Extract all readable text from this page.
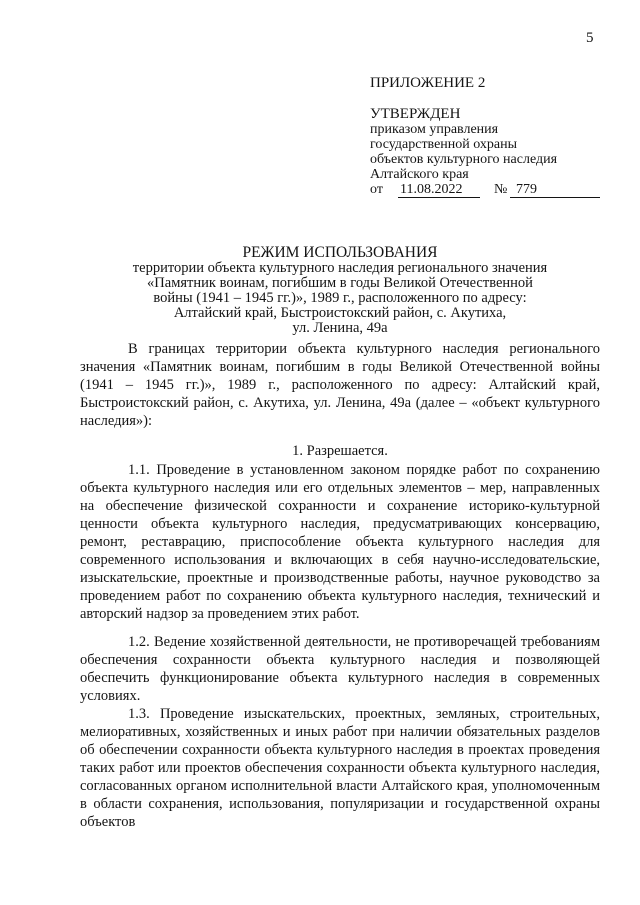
5
ПРИЛОЖЕНИЕ 2
УТВЕРЖДЕН
приказом управления
государственной охраны
объектов культурного наследия
Алтайского края
от 11.08.2022	№ 779
РЕЖИМ ИСПОЛЬЗОВАНИЯ
территории объекта культурного наследия регионального значения
«Памятник воинам, погибшим в годы Великой Отечественной
войны (1941 – 1945 гг.)», 1989 г., расположенного по адресу:
Алтайский край, Быстроистокский район, с. Акутиха,
ул. Ленина, 49а
В границах территории объекта культурного наследия регионального значения «Памятник воинам, погибшим в годы Великой Отечественной войны (1941 – 1945 гг.)», 1989 г., расположенного по адресу: Алтайский край, Быстроистокский район, с. Акутиха, ул. Ленина, 49а (далее – «объект культурного наследия»):
1. Разрешается.
1.1. Проведение в установленном законом порядке работ по сохранению объекта культурного наследия или его отдельных элементов – мер, направленных на обеспечение физической сохранности и сохранение историко-культурной ценности объекта культурного наследия, предусматривающих консервацию, ремонт, реставрацию, приспособление объекта культурного наследия для современного использования и включающих в себя научно-исследовательские, изыскательские, проектные и производственные работы, научное руководство за проведением работ по сохранению объекта культурного наследия, технический и авторский надзор за проведением этих работ.
1.2. Ведение хозяйственной деятельности, не противоречащей требованиям обеспечения сохранности объекта культурного наследия и позволяющей обеспечить функционирование объекта культурного наследия в современных условиях.
1.3. Проведение изыскательских, проектных, земляных, строительных, мелиоративных, хозяйственных и иных работ при наличии обязательных разделов об обеспечении сохранности объекта культурного наследия в проектах проведения таких работ или проектов обеспечения сохранности объекта культурного наследия, согласованных органом исполнительной власти Алтайского края, уполномоченным в области сохранения, использования, популяризации и государственной охраны объектов
